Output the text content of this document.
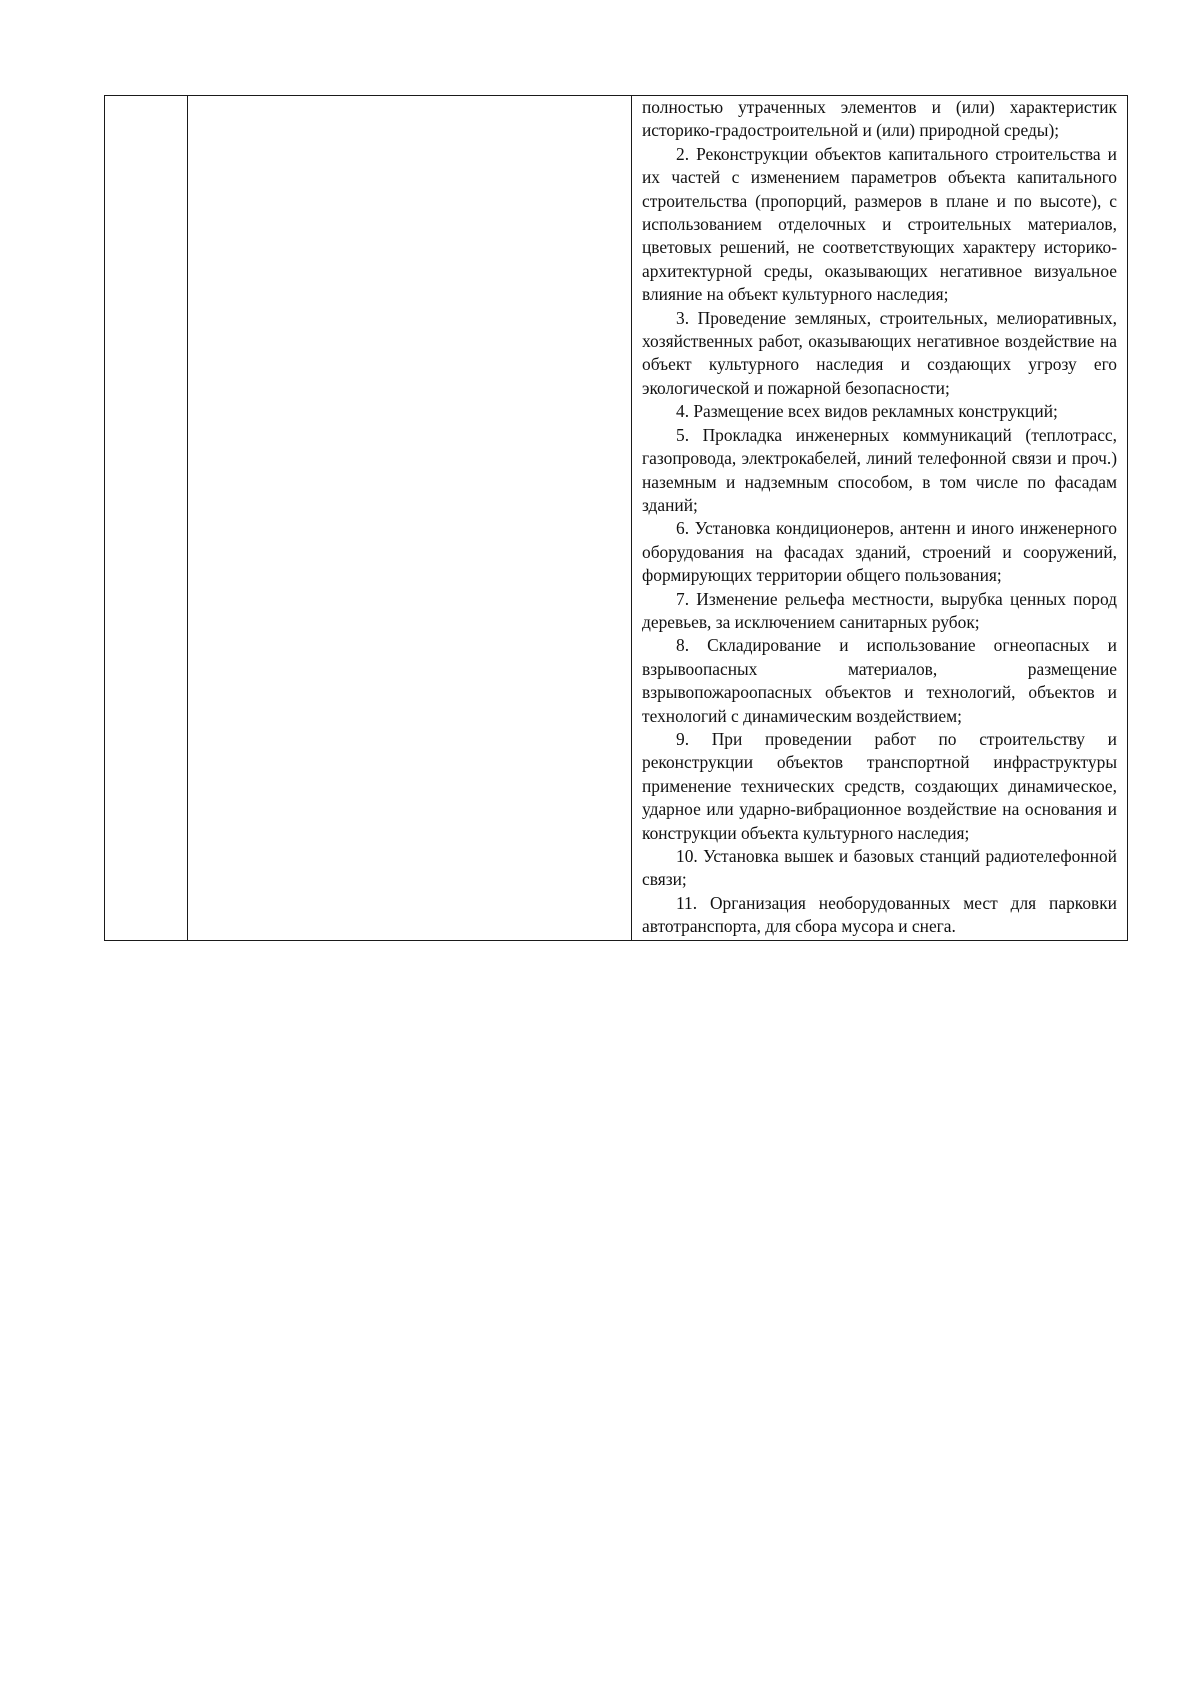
полностью утраченных элементов и (или) характеристик историко-градостроительной и (или) природной среды);

2. Реконструкции объектов капитального строительства и их частей с изменением параметров объекта капитального строительства (пропорций, размеров в плане и по высоте), с использованием отделочных и строительных материалов, цветовых решений, не соответствующих характеру историко-архитектурной среды, оказывающих негативное визуальное влияние на объект культурного наследия;

3. Проведение земляных, строительных, мелиоративных, хозяйственных работ, оказывающих негативное воздействие на объект культурного наследия и создающих угрозу его экологической и пожарной безопасности;

4. Размещение всех видов рекламных конструкций;

5. Прокладка инженерных коммуникаций (теплотрасс, газопровода, электрокабелей, линий телефонной связи и проч.) наземным и надземным способом, в том числе по фасадам зданий;

6. Установка кондиционеров, антенн и иного инженерного оборудования на фасадах зданий, строений и сооружений, формирующих территории общего пользования;

7. Изменение рельефа местности, вырубка ценных пород деревьев, за исключением санитарных рубок;

8. Складирование и использование огнеопасных и взрывоопасных материалов, размещение взрывопожароопасных объектов и технологий, объектов и технологий с динамическим воздействием;

9. При проведении работ по строительству и реконструкции объектов транспортной инфраструктуры применение технических средств, создающих динамическое, ударное или ударно-вибрационное воздействие на основания и конструкции объекта культурного наследия;

10. Установка вышек и базовых станций радиотелефонной связи;

11. Организация необорудованных мест для парковки автотранспорта, для сбора мусора и снега.
